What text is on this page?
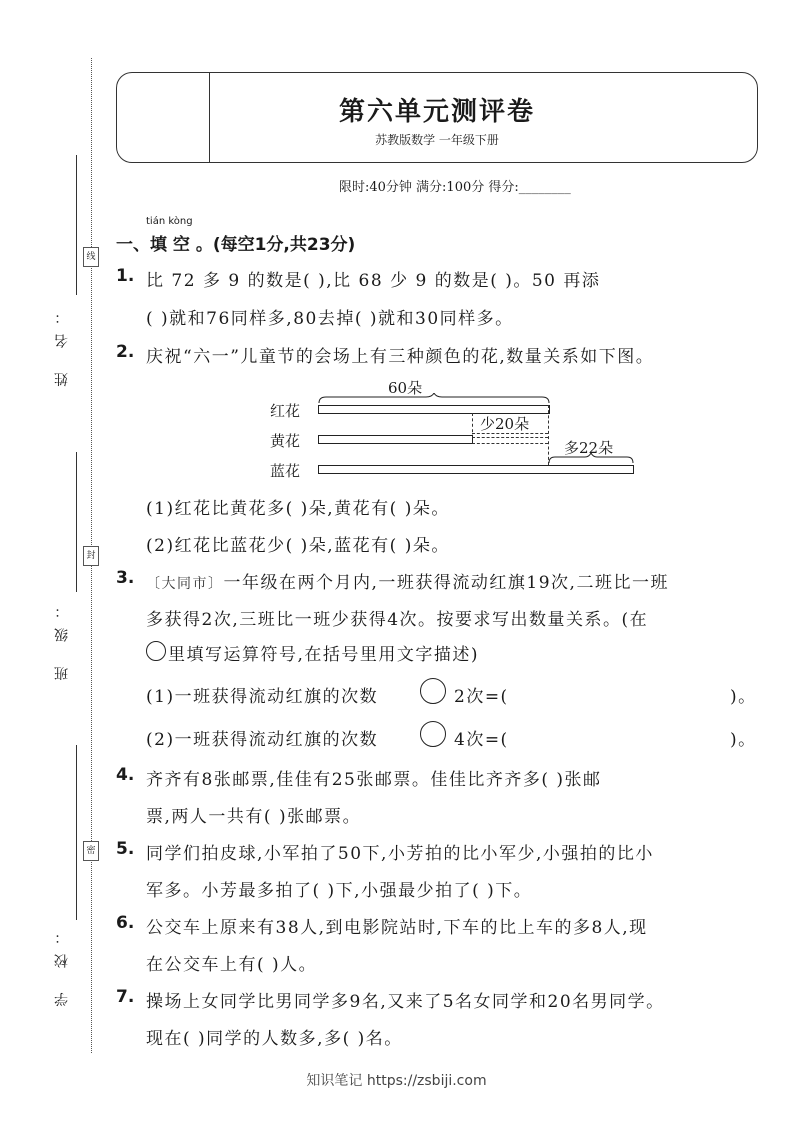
姓 名：
线
班 级：
封
学 校：
密
第六单元测评卷
苏教版数学 一年级下册
限时:40分钟 满分:100分 得分:________
tián kòng
一、填 空 。(每空1分,共23分)
1. 比 72 多 9 的数是( ),比 68 少 9 的数是( )。50 再添
( )就和76同样多,80去掉( )就和30同样多。
2. 庆祝“六一”儿童节的会场上有三种颜色的花,数量关系如下图。
60朵
红花
少20朵
黄花	多22朵
蓝花
(1)红花比黄花多( )朵,黄花有( )朵。
(2)红花比蓝花少( )朵,蓝花有( )朵。
3. 〔大同市〕一年级在两个月内,一班获得流动红旗19次,二班比一班
多获得2次,三班比一班少获得4次。按要求写出数量关系。(在
里填写运算符号,在括号里用文字描述)
(1)一班获得流动红旗的次数	2次=(	)。
(2)一班获得流动红旗的次数	4次=(	)。
4. 齐齐有8张邮票,佳佳有25张邮票。佳佳比齐齐多( )张邮
票,两人一共有( )张邮票。
5. 同学们拍皮球,小军拍了50下,小芳拍的比小军少,小强拍的比小
军多。小芳最多拍了( )下,小强最少拍了( )下。
6. 公交车上原来有38人,到电影院站时,下车的比上车的多8人,现
在公交车上有( )人。
7. 操场上女同学比男同学多9名,又来了5名女同学和20名男同学。
现在( )同学的人数多,多( )名。
知识笔记 https://zsbiji.com
